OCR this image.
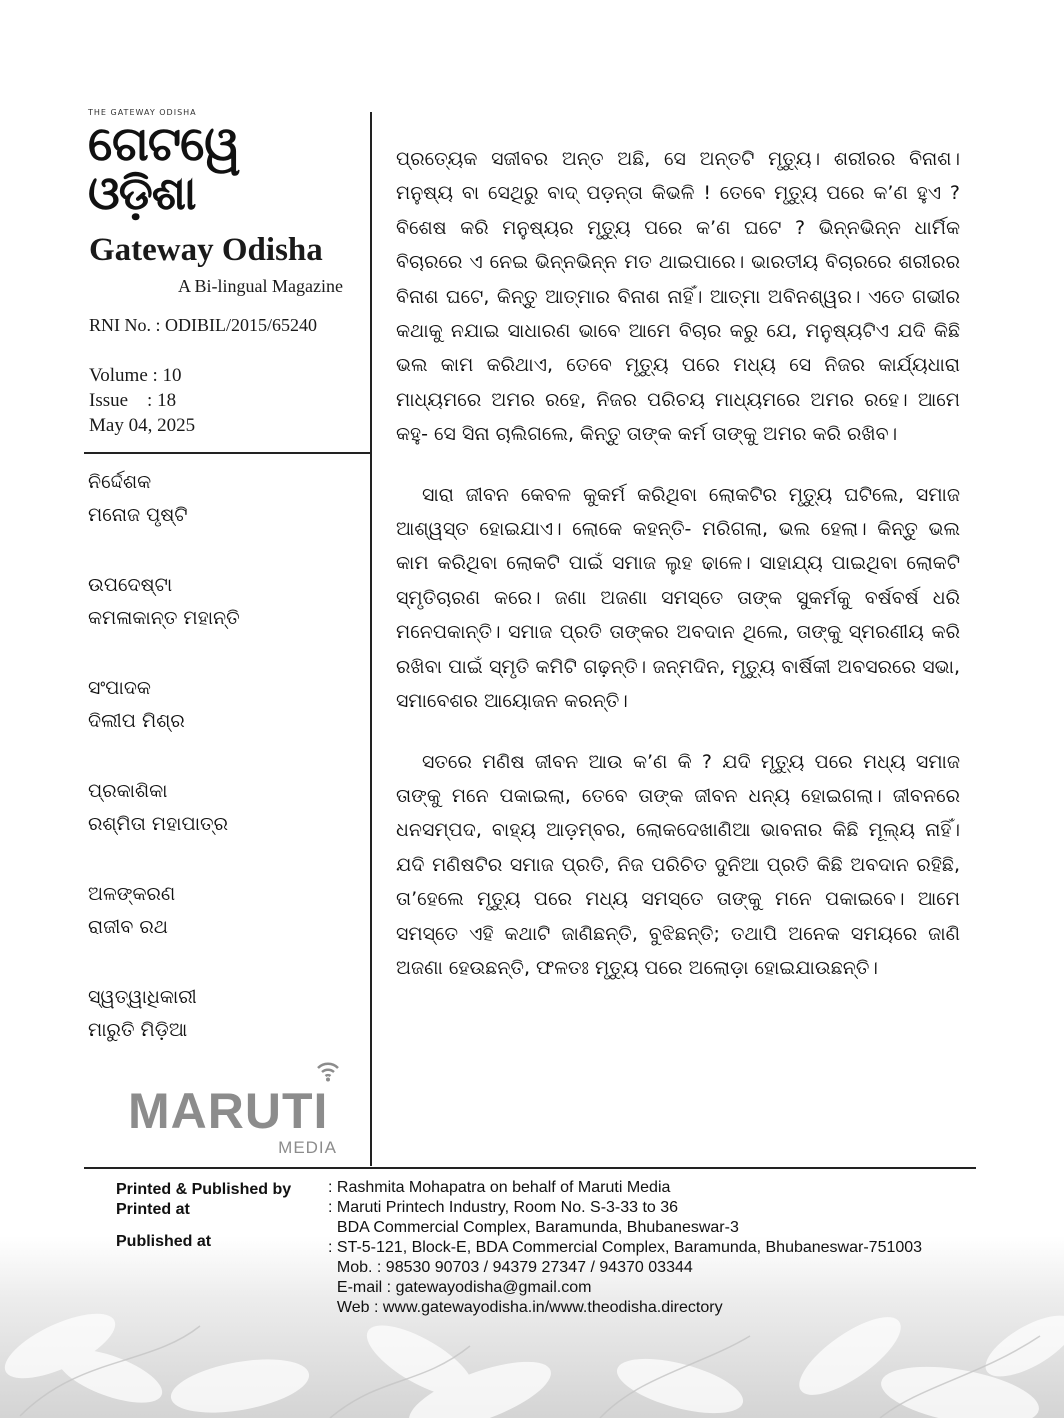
THE GATEWAY ODISHA
ଗେଟୱେ
ଓଡ଼ିଶା
Gateway Odisha
A Bi-lingual Magazine
RNI No. : ODIBIL/2015/65240
Volume : 10
Issue    : 18
May 04, 2025
ନିର୍ଦ୍ଦେଶକ
ମନୋଜ ପୃଷ୍ଟି
ଉପଦେଷ୍ଟା
କମଳାକାନ୍ତ ମହାନ୍ତି
ସଂପାଦକ
ଦିଲୀପ ମିଶ୍ର
ପ୍ରକାଶିକା
ରଶ୍ମିତା ମହାପାତ୍ର
ଅଳଙ୍କରଣ
ରାଜୀବ ରଥ
ସ୍ୱତ୍ୱାଧିକାରୀ
ମାରୁତି ମିଡ଼ିଆ
MARUTI
MEDIA

ପ୍ରତ୍ୟେକ ସଜୀବର ଅନ୍ତ ଅଛି, ସେ ଅନ୍ତଟି ମୃତ୍ୟୁ। ଶରୀରର ବିନାଶ। ମନୁଷ୍ୟ ବା ସେଥିରୁ ବାଦ୍ ପଡ଼ନ୍ତା କିଭଳି ! ତେବେ ମୃତ୍ୟୁ ପରେ କ’ଣ ହୁଏ ? ବିଶେଷ କରି ମନୁଷ୍ୟର ମୃତ୍ୟୁ ପରେ କ’ଣ ଘଟେ ? ଭିନ୍ନଭିନ୍ନ ଧାର୍ମିକ ବିଚାରରେ ଏ ନେଇ ଭିନ୍ନଭିନ୍ନ ମତ ଥାଇପାରେ। ଭାରତୀୟ ବିଚାରରେ ଶରୀରର ବିନାଶ ଘଟେ, କିନ୍ତୁ ଆତ୍ମାର ବିନାଶ ନାହିଁ। ଆତ୍ମା ଅବିନଶ୍ୱର। ଏତେ ଗଭୀର କଥାକୁ ନଯାଇ ସାଧାରଣ ଭାବେ ଆମେ ବିଚାର କରୁ ଯେ, ମନୁଷ୍ୟଟିଏ ଯଦି କିଛି ଭଲ କାମ କରିଥାଏ, ତେବେ ମୃତ୍ୟୁ ପରେ ମଧ୍ୟ ସେ ନିଜର କାର୍ଯ୍ୟଧାରା ମାଧ୍ୟମରେ ଅମର ରହେ, ନିଜର ପରିଚୟ ମାଧ୍ୟମରେ ଅମର ରହେ। ଆମେ କହୁ- ସେ ସିନା ଚାଲିଗଲେ, କିନ୍ତୁ ତାଙ୍କ କର୍ମ ତାଙ୍କୁ ଅମର କରି ରଖିବ।

ସାରା ଜୀବନ କେବଳ କୁକର୍ମ କରିଥିବା ଲୋକଟିର ମୃତ୍ୟୁ ଘଟିଲେ, ସମାଜ ଆଶ୍ୱସ୍ତ ହୋଇଯାଏ। ଲୋକେ କହନ୍ତି- ମରିଗଲା, ଭଲ ହେଲା। କିନ୍ତୁ ଭଲ କାମ କରିଥିବା ଲୋକଟି ପାଇଁ ସମାଜ ଲୁହ ଢାଳେ। ସାହାଯ୍ୟ ପାଇଥିବା ଲୋକଟି ସ୍ମୃତିଚାରଣ କରେ। ଜଣା ଅଜଣା ସମସ୍ତେ ତାଙ୍କ ସୁକର୍ମକୁ ବର୍ଷବର୍ଷ ଧରି ମନେପକାନ୍ତି। ସମାଜ ପ୍ରତି ତାଙ୍କର ଅବଦାନ ଥିଲେ, ତାଙ୍କୁ ସ୍ମରଣୀୟ କରି ରଖିବା ପାଇଁ ସ୍ମୃତି କମିଟି ଗଢ଼ନ୍ତି। ଜନ୍ମଦିନ, ମୃତ୍ୟୁ ବାର୍ଷିକୀ ଅବସରରେ ସଭା, ସମାବେଶର ଆୟୋଜନ କରନ୍ତି।

ସତରେ ମଣିଷ ଜୀବନ ଆଉ କ’ଣ କି ? ଯଦି ମୃତ୍ୟୁ ପରେ ମଧ୍ୟ ସମାଜ ତାଙ୍କୁ ମନେ ପକାଇଲା, ତେବେ ତାଙ୍କ ଜୀବନ ଧନ୍ୟ ହୋଇଗଲା। ଜୀବନରେ ଧନସମ୍ପଦ, ବାହ୍ୟ ଆଡ଼ମ୍ବର, ଲୋକଦେଖାଣିଆ ଭାବନାର କିଛି ମୂଲ୍ୟ ନାହିଁ। ଯଦି ମଣିଷଟିର ସମାଜ ପ୍ରତି, ନିଜ ପରିଚିତ ଦୁନିଆ ପ୍ରତି କିଛି ଅବଦାନ ରହିଛି, ତା’ହେଲେ ମୃତ୍ୟୁ ପରେ ମଧ୍ୟ ସମସ୍ତେ ତାଙ୍କୁ ମନେ ପକାଇବେ। ଆମେ ସମସ୍ତେ ଏହି କଥାଟି ଜାଣିଛନ୍ତି, ବୁଝିଛନ୍ତି; ତଥାପି ଅନେକ ସମୟରେ ଜାଣି ଅଜଣା ହେଉଛନ୍ତି, ଫଳତଃ ମୃତ୍ୟୁ ପରେ ଅଲୋଡ଼ା ହୋଇଯାଉଛନ୍ତି।

Printed & Published by
Printed at
Published at
: Rashmita Mohapatra on behalf of Maruti Media
: Maruti Printech Industry, Room No. S-3-33 to 36
BDA Commercial Complex, Baramunda, Bhubaneswar-3
: ST-5-121, Block-E, BDA Commercial Complex, Baramunda, Bhubaneswar-751003
Mob. : 98530 90703 / 94379 27347 / 94370 03344
E-mail : gatewayodisha@gmail.com
Web : www.gatewayodisha.in/www.theodisha.directory
